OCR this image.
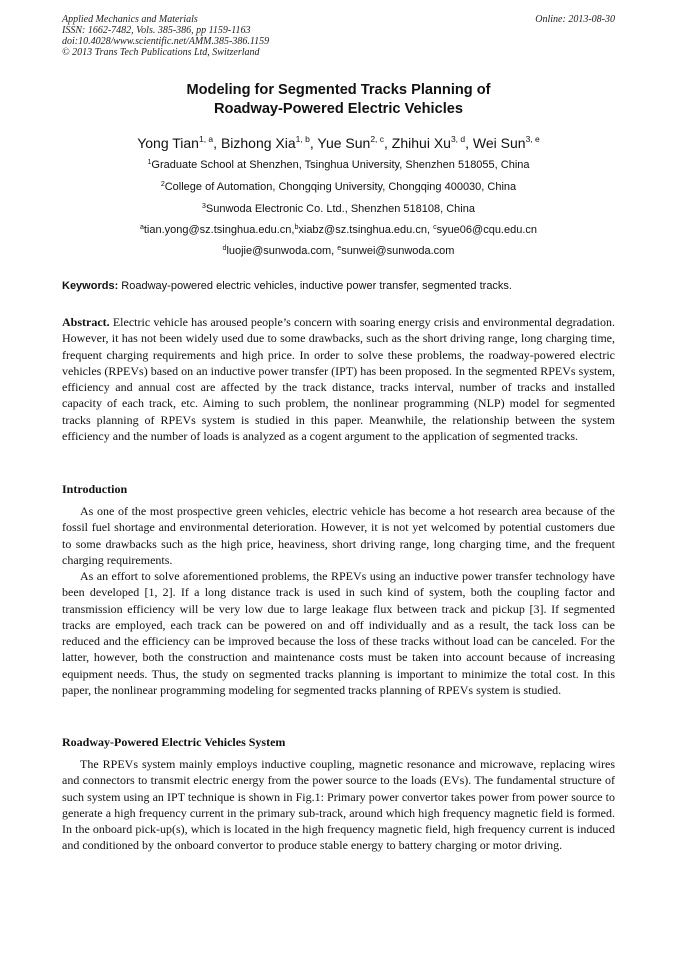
Applied Mechanics and Materials
ISSN: 1662-7482, Vols. 385-386, pp 1159-1163
doi:10.4028/www.scientific.net/AMM.385-386.1159
© 2013 Trans Tech Publications Ltd, Switzerland
Online: 2013-08-30
Modeling for Segmented Tracks Planning of
Roadway-Powered Electric Vehicles
Yong Tian$^{1, a}$, Bizhong Xia$^{1, b}$, Yue Sun$^{2, c}$, Zhihui Xu$^{3, d}$, Wei Sun$^{3, e}$
$^1$Graduate School at Shenzhen, Tsinghua University, Shenzhen 518055, China
$^2$College of Automation, Chongqing University, Chongqing 400030, China
$^3$Sunwoda Electronic Co. Ltd., Shenzhen 518108, China
$^a$tian.yong@sz.tsinghua.edu.cn,$^b$xiabz@sz.tsinghua.edu.cn, $^c$syue06@cqu.edu.cn
$^d$luojie@sunwoda.com, $^e$sunwei@sunwoda.com
Keywords: Roadway-powered electric vehicles, inductive power transfer, segmented tracks.
Abstract. Electric vehicle has aroused people’s concern with soaring energy crisis and environmental degradation. However, it has not been widely used due to some drawbacks, such as the short driving range, long charging time, frequent charging requirements and high price. In order to solve these problems, the roadway-powered electric vehicles (RPEVs) based on an inductive power transfer (IPT) has been proposed. In the segmented RPEVs system, efficiency and annual cost are affected by the track distance, tracks interval, number of tracks and installed capacity of each track, etc. Aiming to such problem, the nonlinear programming (NLP) model for segmented tracks planning of RPEVs system is studied in this paper. Meanwhile, the relationship between the system efficiency and the number of loads is analyzed as a cogent argument to the application of segmented tracks.
Introduction
As one of the most prospective green vehicles, electric vehicle has become a hot research area because of the fossil fuel shortage and environmental deterioration. However, it is not yet welcomed by potential customers due to some drawbacks such as the high price, heaviness, short driving range, long charging time, and the frequent charging requirements.
As an effort to solve aforementioned problems, the RPEVs using an inductive power transfer technology have been developed [1, 2]. If a long distance track is used in such kind of system, both the coupling factor and transmission efficiency will be very low due to large leakage flux between track and pickup [3]. If segmented tracks are employed, each track can be powered on and off individually and as a result, the tack loss can be reduced and the efficiency can be improved because the loss of these tracks without load can be canceled. For the latter, however, both the construction and maintenance costs must be taken into account because of increasing equipment needs. Thus, the study on segmented tracks planning is important to minimize the total cost. In this paper, the nonlinear programming modeling for segmented tracks planning of RPEVs system is studied.
Roadway-Powered Electric Vehicles System
The RPEVs system mainly employs inductive coupling, magnetic resonance and microwave, replacing wires and connectors to transmit electric energy from the power source to the loads (EVs). The fundamental structure of such system using an IPT technique is shown in Fig.1: Primary power convertor takes power from power source to generate a high frequency current in the primary sub-track, around which high frequency magnetic field is formed. In the onboard pick-up(s), which is located in the high frequency magnetic field, high frequency current is induced and conditioned by the onboard convertor to produce stable energy to battery charging or motor driving.
